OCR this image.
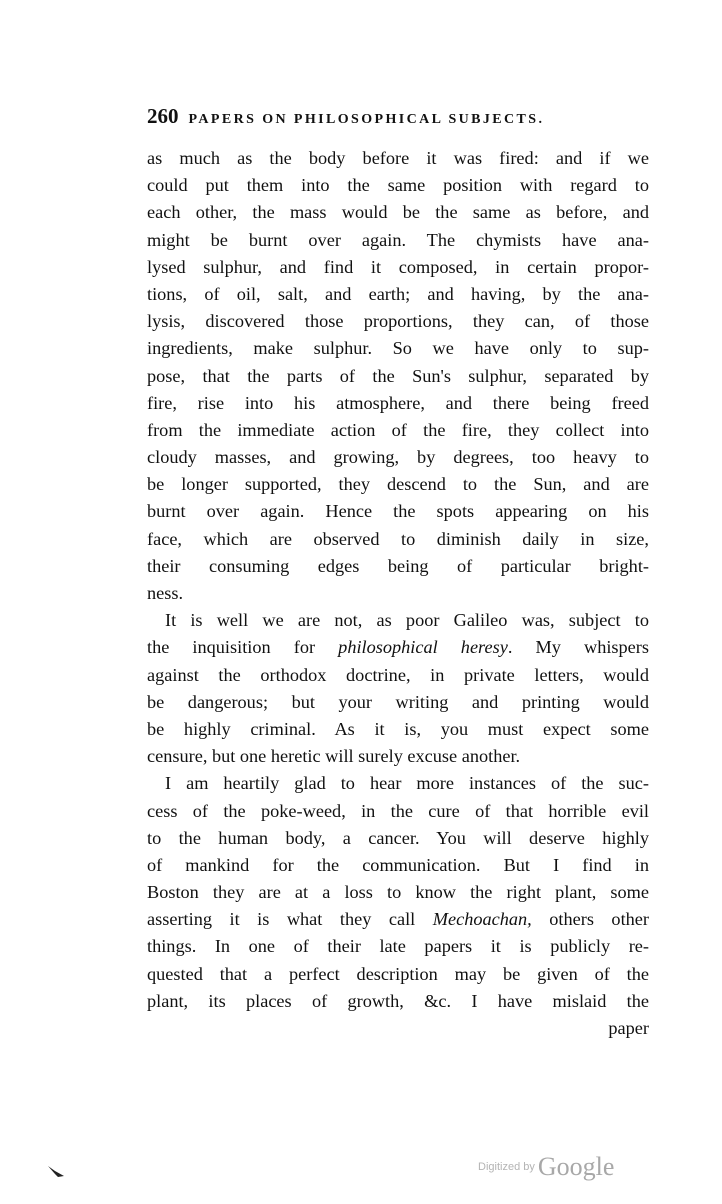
260 PAPERS ON PHILOSOPHICAL SUBJECTS.
as much as the body before it was fired: and if we
could put them into the same position with regard to
each other, the mass would be the same as before, and
might be burnt over again. The chymists have ana-
lysed sulphur, and find it composed, in certain propor-
tions, of oil, salt, and earth; and having, by the ana-
lysis, discovered those proportions, they can, of those
ingredients, make sulphur. So we have only to sup-
pose, that the parts of the Sun's sulphur, separated by
fire, rise into his atmosphere, and there being freed
from the immediate action of the fire, they collect into
cloudy masses, and growing, by degrees, too heavy to
be longer supported, they descend to the Sun, and are
burnt over again. Hence the spots appearing on his
face, which are observed to diminish daily in size,
their consuming edges being of particular bright-
ness.
It is well we are not, as poor Galileo was, subject to
the inquisition for philosophical heresy. My whispers
against the orthodox doctrine, in private letters, would
be dangerous; but your writing and printing would
be highly criminal. As it is, you must expect some
censure, but one heretic will surely excuse another.
I am heartily glad to hear more instances of the suc-
cess of the poke-weed, in the cure of that horrible evil
to the human body, a cancer. You will deserve highly
of mankind for the communication. But I find in
Boston they are at a loss to know the right plant, some
asserting it is what they call Mechoachan, others other
things. In one of their late papers it is publicly re-
quested that a perfect description may be given of the
plant, its places of growth, &c. I have mislaid the
paper
Digitized by Google
